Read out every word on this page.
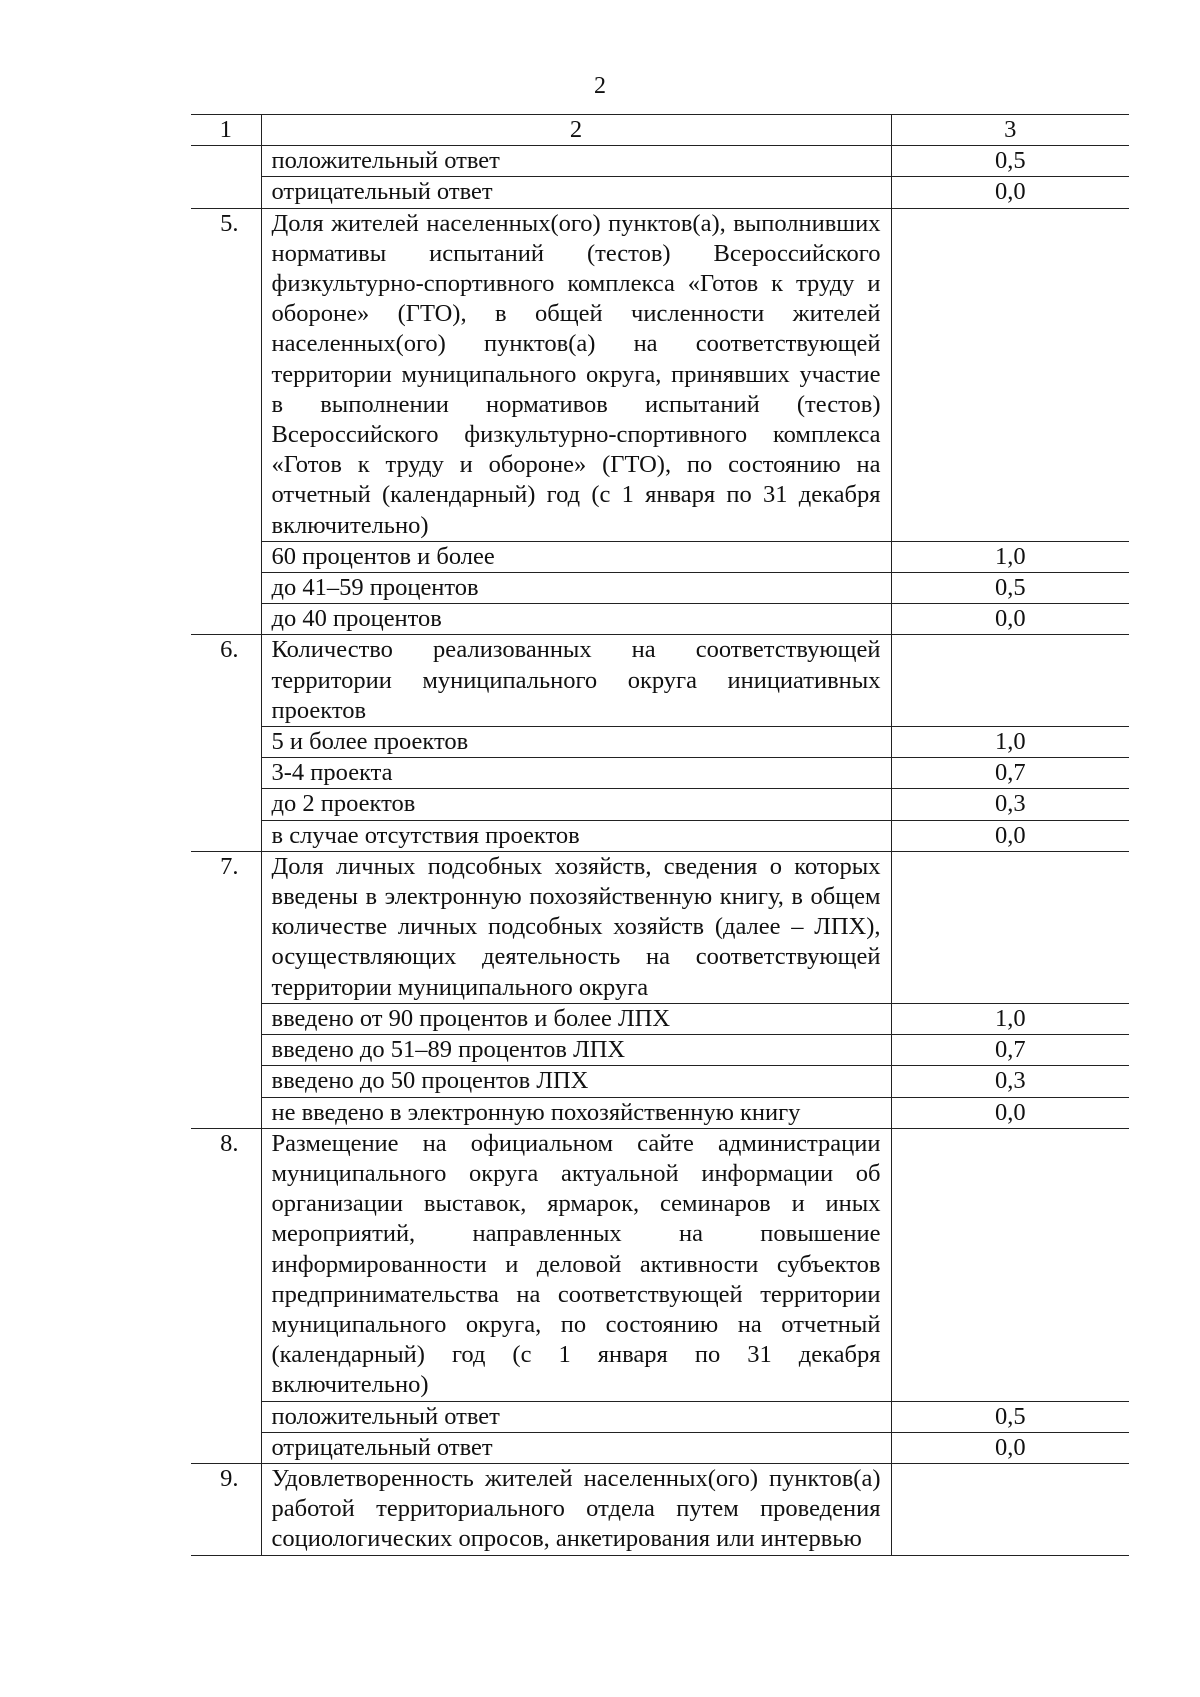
2
1	2	3
	положительный ответ	0,5
	отрицательный ответ	0,0
5.	Доля жителей населенных(ого) пунктов(а), выполнивших нормативы испытаний (тестов) Всероссийского физкультурно-спортивного комплекса «Готов к труду и обороне» (ГТО), в общей численности жителей населенных(ого) пунктов(а) на соответствующей территории муниципального округа, принявших участие в выполнении нормативов испытаний (тестов) Всероссийского физкультурно-спортивного комплекса «Готов к труду и обороне» (ГТО), по состоянию на отчетный (календарный) год (с 1 января по 31 декабря включительно)	
	60 процентов и более	1,0
	до 41–59 процентов	0,5
	до 40 процентов	0,0
6.	Количество реализованных на соответствующей территории муниципального округа инициативных проектов	
	5 и более проектов	1,0
	3-4 проекта	0,7
	до 2 проектов	0,3
	в случае отсутствия проектов	0,0
7.	Доля личных подсобных хозяйств, сведения о которых введены в электронную похозяйственную книгу, в общем количестве личных подсобных хозяйств (далее – ЛПХ), осуществляющих деятельность на соответствующей территории муниципального округа	
	введено от 90 процентов и более ЛПХ	1,0
	введено до 51–89 процентов ЛПХ	0,7
	введено до 50 процентов ЛПХ	0,3
	не введено в электронную похозяйственную книгу	0,0
8.	Размещение на официальном сайте администрации муниципального округа актуальной информации об организации выставок, ярмарок, семинаров и иных мероприятий, направленных на повышение информированности и деловой активности субъектов предпринимательства на соответствующей территории муниципального округа, по состоянию на отчетный (календарный) год (с 1 января по 31 декабря включительно)	
	положительный ответ	0,5
	отрицательный ответ	0,0
9.	Удовлетворенность жителей населенных(ого) пунктов(а) работой территориального отдела путем проведения социологических опросов, анкетирования или интервью	
